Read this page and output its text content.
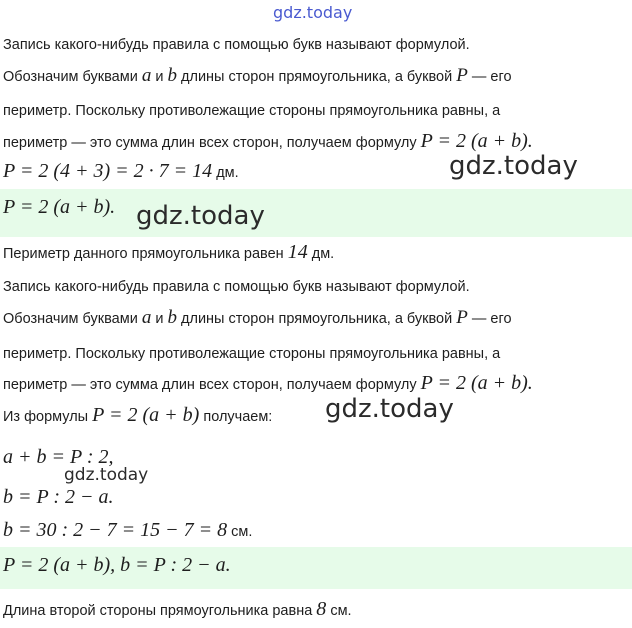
gdz.today
Запись какого-нибудь правила с помощью букв называют формулой.
Обозначим буквами a и b длины сторон прямоугольника, а буквой P — его
периметр. Поскольку противолежащие стороны прямоугольника равны, а
периметр — это сумма длин всех сторон, получаем формулу P = 2 (a + b).
P = 2 (4 + 3) = 2 · 7 = 14 дм.	gdz.today
P = 2 (a + b). gdz.today
Периметр данного прямоугольника равен 14 дм.
Запись какого-нибудь правила с помощью букв называют формулой.
Обозначим буквами a и b длины сторон прямоугольника, а буквой P — его
периметр. Поскольку противолежащие стороны прямоугольника равны, а
периметр — это сумма длин всех сторон, получаем формулу P = 2 (a + b).
Из формулы P = 2 (a + b) получаем: gdz.today
a + b = P : 2,
gdz.today
b = P : 2 − a.
b = 30 : 2 − 7 = 15 − 7 = 8 см.
P = 2 (a + b), b = P : 2 − a.
Длина второй стороны прямоугольника равна 8 см.
